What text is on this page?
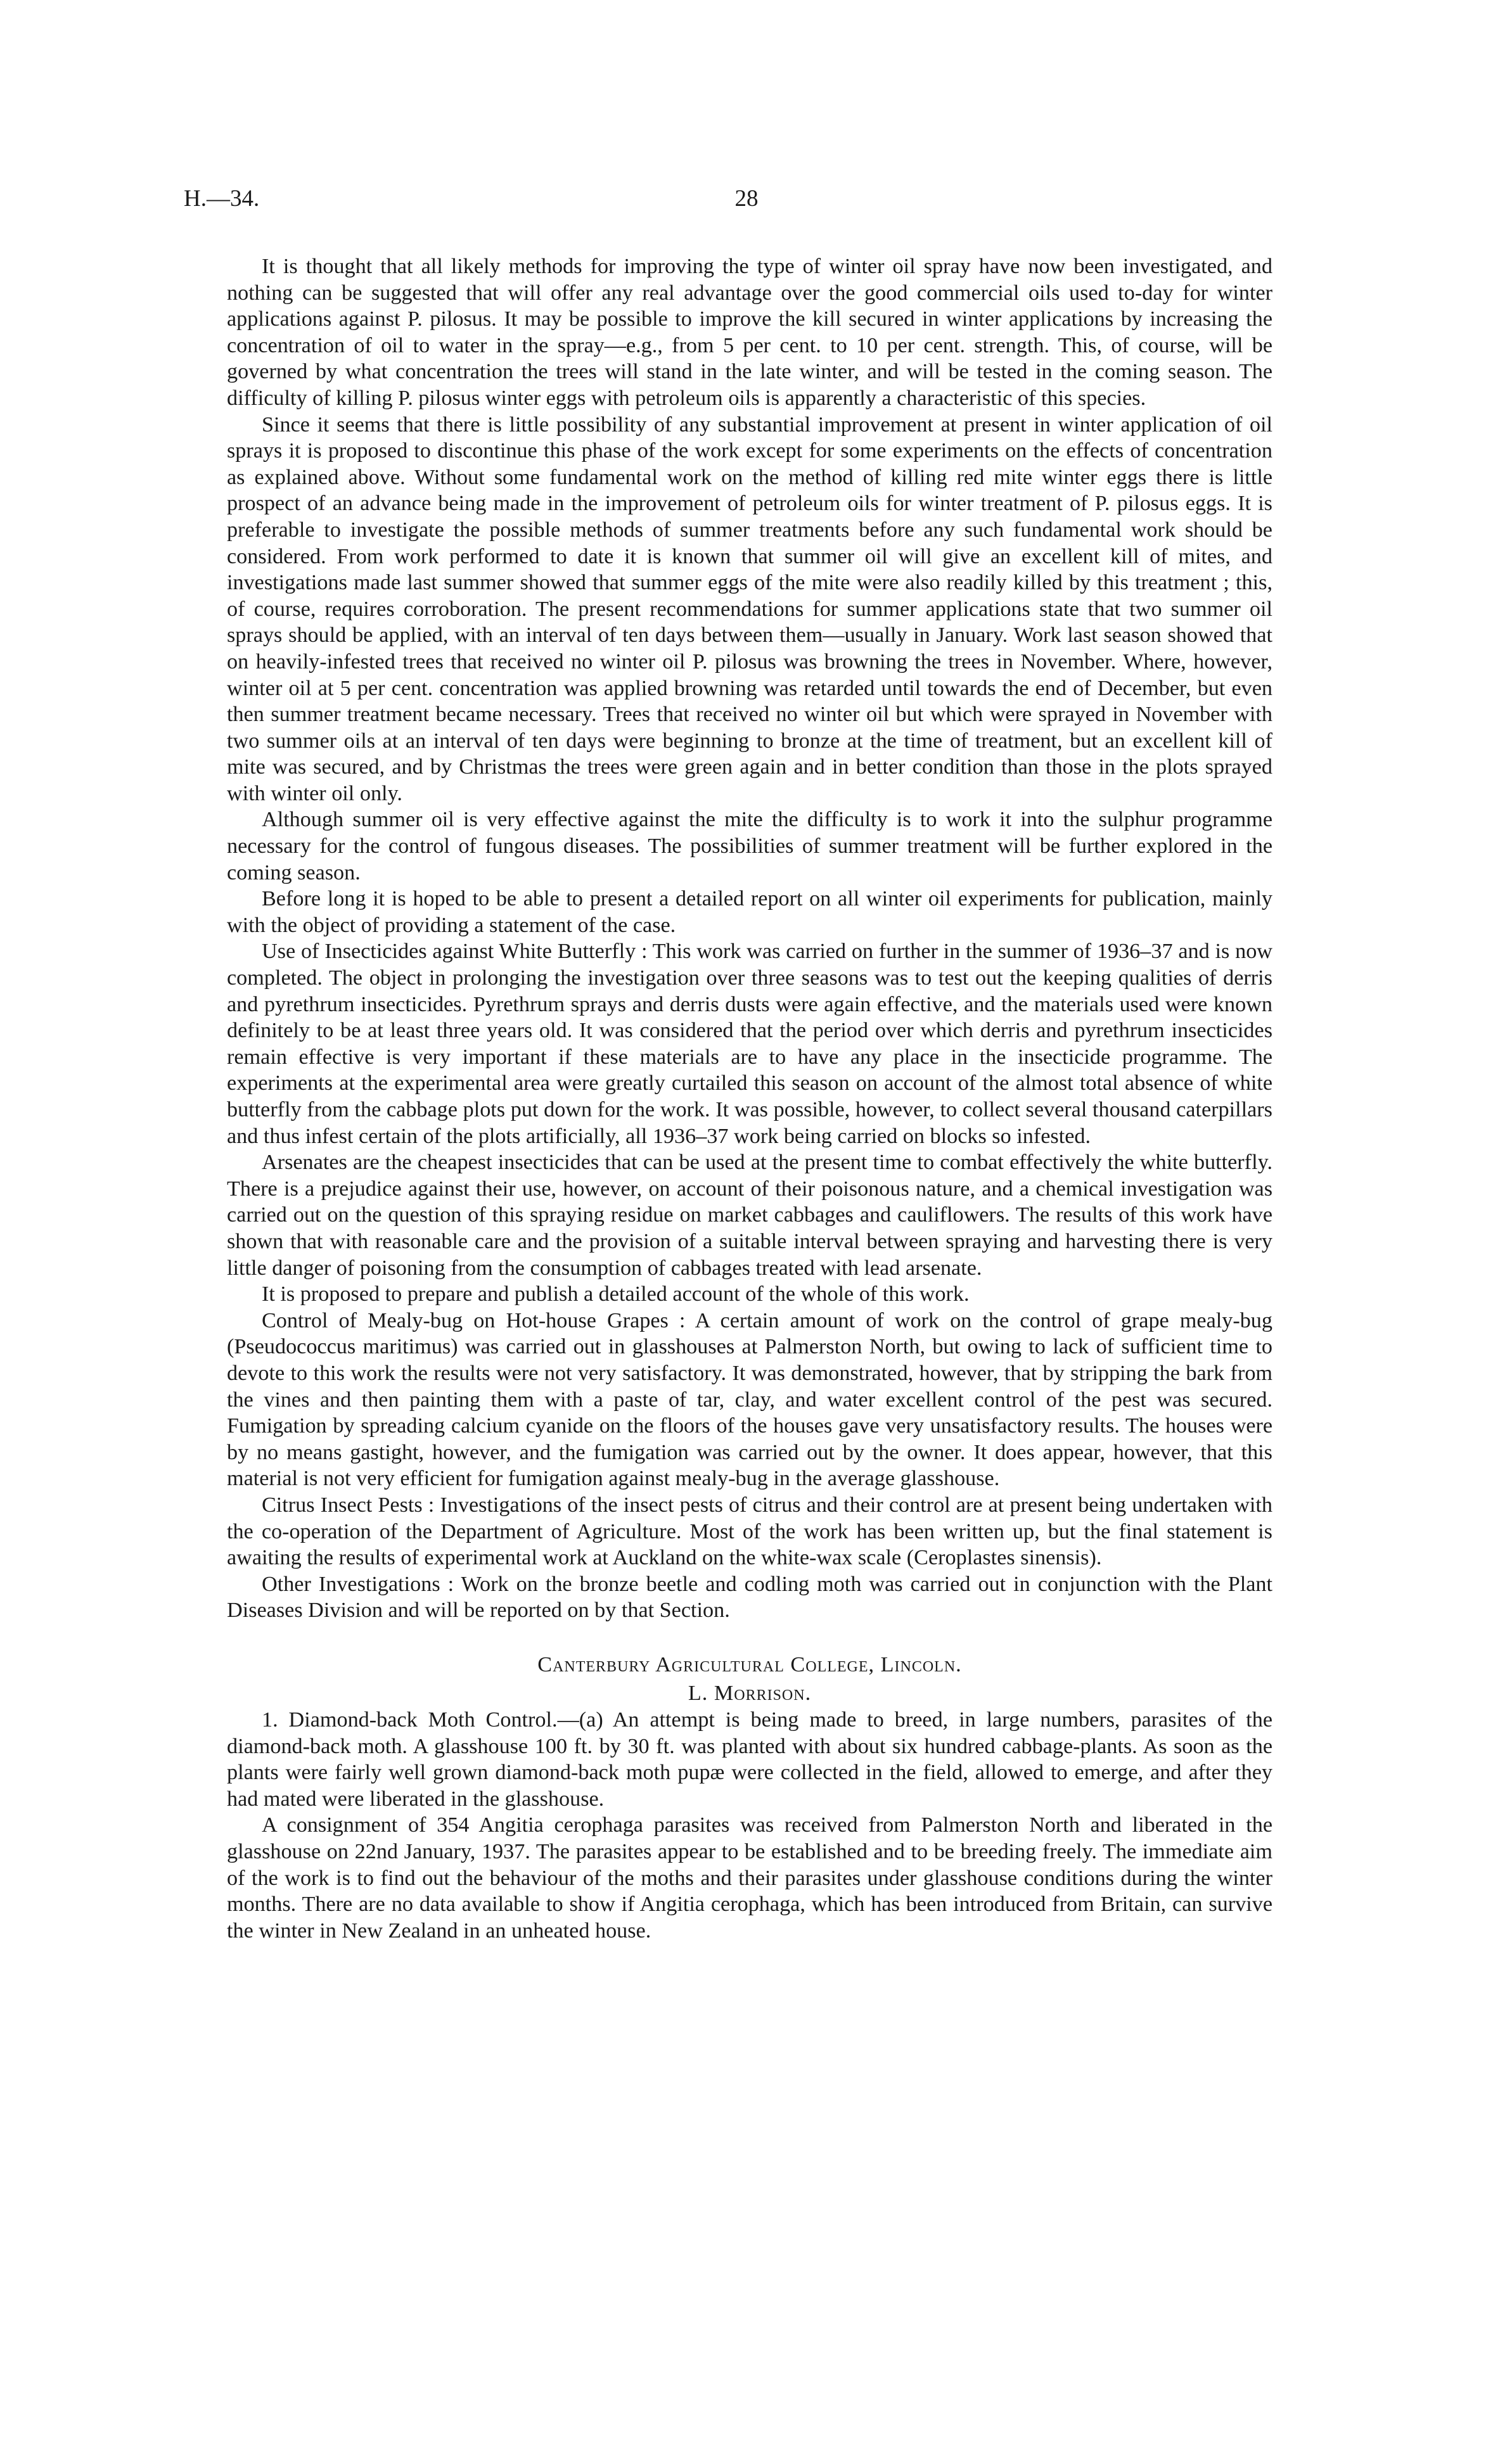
H.—34.	28

It is thought that all likely methods for improving the type of winter oil spray have now been investigated, and nothing can be suggested that will offer any real advantage over the good commercial oils used to-day for winter applications against P. pilosus. It may be possible to improve the kill secured in winter applications by increasing the concentration of oil to water in the spray—e.g., from 5 per cent. to 10 per cent. strength. This, of course, will be governed by what concentration the trees will stand in the late winter, and will be tested in the coming season. The difficulty of killing P. pilosus winter eggs with petroleum oils is apparently a characteristic of this species.

Since it seems that there is little possibility of any substantial improvement at present in winter application of oil sprays it is proposed to discontinue this phase of the work except for some experiments on the effects of concentration as explained above. Without some fundamental work on the method of killing red mite winter eggs there is little prospect of an advance being made in the improvement of petroleum oils for winter treatment of P. pilosus eggs. It is preferable to investigate the possible methods of summer treatments before any such fundamental work should be considered. From work performed to date it is known that summer oil will give an excellent kill of mites, and investigations made last summer showed that summer eggs of the mite were also readily killed by this treatment ; this, of course, requires corroboration. The present recommendations for summer applications state that two summer oil sprays should be applied, with an interval of ten days between them—usually in January. Work last season showed that on heavily-infested trees that received no winter oil P. pilosus was browning the trees in November. Where, however, winter oil at 5 per cent. concentration was applied browning was retarded until towards the end of December, but even then summer treatment became necessary. Trees that received no winter oil but which were sprayed in November with two summer oils at an interval of ten days were beginning to bronze at the time of treatment, but an excellent kill of mite was secured, and by Christmas the trees were green again and in better condition than those in the plots sprayed with winter oil only.

Although summer oil is very effective against the mite the difficulty is to work it into the sulphur programme necessary for the control of fungous diseases. The possibilities of summer treatment will be further explored in the coming season.

Before long it is hoped to be able to present a detailed report on all winter oil experiments for publication, mainly with the object of providing a statement of the case.

Use of Insecticides against White Butterfly : This work was carried on further in the summer of 1936–37 and is now completed. The object in prolonging the investigation over three seasons was to test out the keeping qualities of derris and pyrethrum insecticides. Pyrethrum sprays and derris dusts were again effective, and the materials used were known definitely to be at least three years old. It was considered that the period over which derris and pyrethrum insecticides remain effective is very important if these materials are to have any place in the insecticide programme. The experiments at the experimental area were greatly curtailed this season on account of the almost total absence of white butterfly from the cabbage plots put down for the work. It was possible, however, to collect several thousand caterpillars and thus infest certain of the plots artificially, all 1936–37 work being carried on blocks so infested.

Arsenates are the cheapest insecticides that can be used at the present time to combat effectively the white butterfly. There is a prejudice against their use, however, on account of their poisonous nature, and a chemical investigation was carried out on the question of this spraying residue on market cabbages and cauliflowers. The results of this work have shown that with reasonable care and the provision of a suitable interval between spraying and harvesting there is very little danger of poisoning from the consumption of cabbages treated with lead arsenate.

It is proposed to prepare and publish a detailed account of the whole of this work.

Control of Mealy-bug on Hot-house Grapes : A certain amount of work on the control of grape mealy-bug (Pseudococcus maritimus) was carried out in glasshouses at Palmerston North, but owing to lack of sufficient time to devote to this work the results were not very satisfactory. It was demonstrated, however, that by stripping the bark from the vines and then painting them with a paste of tar, clay, and water excellent control of the pest was secured. Fumigation by spreading calcium cyanide on the floors of the houses gave very unsatisfactory results. The houses were by no means gastight, however, and the fumigation was carried out by the owner. It does appear, however, that this material is not very efficient for fumigation against mealy-bug in the average glasshouse.

Citrus Insect Pests : Investigations of the insect pests of citrus and their control are at present being undertaken with the co-operation of the Department of Agriculture. Most of the work has been written up, but the final statement is awaiting the results of experimental work at Auckland on the white-wax scale (Ceroplastes sinensis).

Other Investigations : Work on the bronze beetle and codling moth was carried out in conjunction with the Plant Diseases Division and will be reported on by that Section.

Canterbury Agricultural College, Lincoln.

L. Morrison.

1. Diamond-back Moth Control.—(a) An attempt is being made to breed, in large numbers, parasites of the diamond-back moth. A glasshouse 100 ft. by 30 ft. was planted with about six hundred cabbage-plants. As soon as the plants were fairly well grown diamond-back moth pupæ were collected in the field, allowed to emerge, and after they had mated were liberated in the glasshouse.

A consignment of 354 Angitia cerophaga parasites was received from Palmerston North and liberated in the glasshouse on 22nd January, 1937. The parasites appear to be established and to be breeding freely. The immediate aim of the work is to find out the behaviour of the moths and their parasites under glasshouse conditions during the winter months. There are no data available to show if Angitia cerophaga, which has been introduced from Britain, can survive the winter in New Zealand in an unheated house.
